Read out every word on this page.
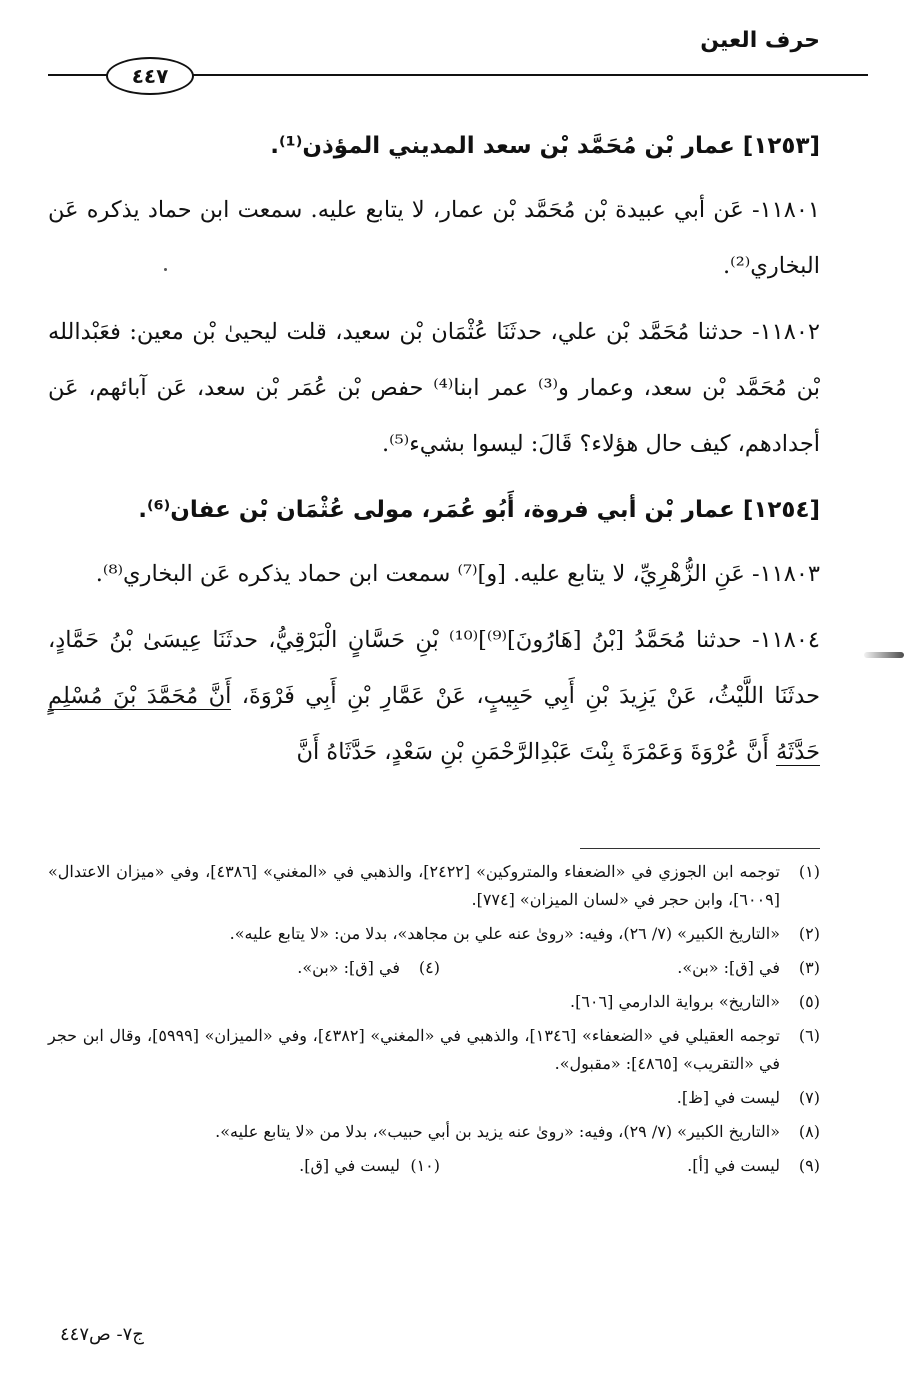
حرف العين
٤٤٧
[١٢٥٣] عمار بْن مُحَمَّد بْن سعد المديني المؤذن⁽¹⁾.

١١٨٠١- عَن أبي عبيدة بْن مُحَمَّد بْن عمار، لا يتابع عليه. سمعت ابن حماد يذكره عَن البخاري⁽²⁾.

١١٨٠٢- حدثنا مُحَمَّد بْن علي، حدثَنَا عُثْمَان بْن سعيد، قلت ليحيىٰ بْن معين: فعَبْدالله بْن مُحَمَّد بْن سعد، وعمار و⁽³⁾ عمر ابنا⁽⁴⁾ حفص بْن عُمَر بْن سعد، عَن آبائهم، عَن أجدادهم، كيف حال هؤلاء؟ قَالَ: ليسوا بشيء⁽⁵⁾.

[١٢٥٤] عمار بْن أبي فروة، أَبُو عُمَر، مولى عُثْمَان بْن عفان⁽⁶⁾.

١١٨٠٣- عَنِ الزُّهْرِيِّ، لا يتابع عليه. [و]⁽⁷⁾ سمعت ابن حماد يذكره عَن البخاري⁽⁸⁾.

١١٨٠٤- حدثنا مُحَمَّدُ [بْنُ [هَارُونَ]⁽⁹⁾]⁽¹⁰⁾ بْنِ حَسَّانٍ الْبَرْقِيُّ، حدثَنَا عِيسَىٰ بْنُ حَمَّادٍ، حدثَنَا اللَّيْثُ، عَنْ يَزِيدَ بْنِ أَبِي حَبِيبٍ، عَنْ عَمَّارِ بْنِ أَبِي فَرْوَةَ، أَنَّ مُحَمَّدَ بْنَ مُسْلِمٍ حَدَّثَهُ أَنَّ عُرْوَةَ وَعَمْرَةَ بِنْتَ عَبْدِالرَّحْمَنِ بْنِ سَعْدٍ، حَدَّثَاهُ أَنَّ

(١)
توجمه ابن الجوزي في «الضعفاء والمتروكين» [٢٤٢٢]، والذهبي في «المغني» [٤٣٨٦]، وفي «ميزان الاعتدال» [٦٠٠٩]، وابن حجر في «لسان الميزان» [٧٧٤].
(٢)
«التاريخ الكبير» (٧/ ٢٦)، وفيه: «روىٰ عنه علي بن مجاهد»، بدلا من: «لا يتابع عليه».
(٣)
في [ق]: «بن».
(٤)
في [ق]: «بن».
(٥)
«التاريخ» برواية الدارمي [٦٠٦].
(٦)
توجمه العقيلي في «الضعفاء» [١٣٤٦]، والذهبي في «المغني» [٤٣٨٢]، وفي «الميزان» [٥٩٩٩]، وقال ابن حجر في «التقريب» [٤٨٦٥]: «مقبول».
(٧)
ليست في [ظ].
(٨)
«التاريخ الكبير» (٧/ ٢٩)، وفيه: «روىٰ عنه يزيد بن أبي حبيب»، بدلا من «لا يتابع عليه».
(٩)
ليست في [أ].
(١٠)
ليست في [ق].
ج٧- ص٤٤٧
